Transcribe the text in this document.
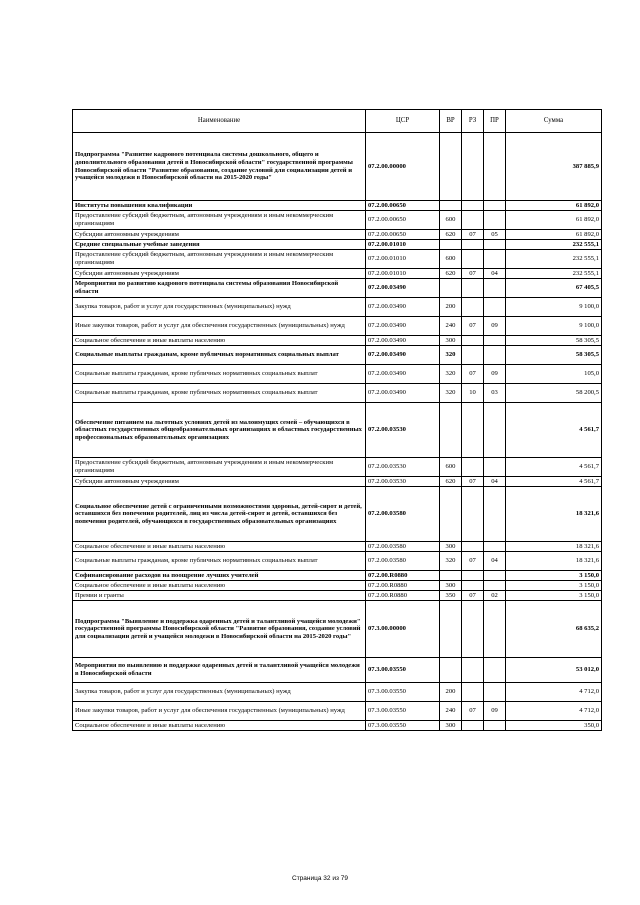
Наименование	ЦСР	ВР	РЗ	ПР	Сумма
Подпрограмма "Развитие кадрового потенциала системы дошкольного, общего и дополнительного образования детей в Новосибирской области" государственной программы Новосибирской области "Развитие образования, создание условий для социализации детей и учащейся молодежи в Новосибирской области на 2015-2020 годы"	07.2.00.00000				387 885,9
Институты повышения квалификации	07.2.00.00650				61 892,0
Предоставление субсидий бюджетным, автономным учреждениям и иным некоммерческим организациям	07.2.00.00650	600			61 892,0
Субсидии автономным учреждениям	07.2.00.00650	620	07	05	61 892,0
Средние специальные учебные заведения	07.2.00.01010				232 555,1
Предоставление субсидий бюджетным, автономным учреждениям и иным некоммерческим организациям	07.2.00.01010	600			232 555,1
Субсидии автономным учреждениям	07.2.00.01010	620	07	04	232 555,1
Мероприятия по развитию кадрового потенциала системы образования Новосибирской области	07.2.00.03490				67 405,5
Закупка товаров, работ и услуг для государственных (муниципальных) нужд	07.2.00.03490	200			9 100,0
Иные закупки товаров, работ и услуг для обеспечения государственных (муниципальных) нужд	07.2.00.03490	240	07	09	9 100,0
Социальное обеспечение и иные выплаты населению	07.2.00.03490	300			58 305,5
Социальные выплаты гражданам, кроме публичных нормативных социальных выплат	07.2.00.03490	320			58 305,5
Социальные выплаты гражданам, кроме публичных нормативных социальных выплат	07.2.00.03490	320	07	09	105,0
Социальные выплаты гражданам, кроме публичных нормативных социальных выплат	07.2.00.03490	320	10	03	58 200,5
Обеспечение питанием на льготных условиях детей из малоимущих семей – обучающихся в областных государственных общеобразовательных организациях и областных государственных профессиональных образовательных организациях	07.2.00.03530				4 561,7
Предоставление субсидий бюджетным, автономным учреждениям и иным некоммерческим организациям	07.2.00.03530	600			4 561,7
Субсидии автономным учреждениям	07.2.00.03530	620	07	04	4 561,7
Социальное обеспечение детей с ограниченными возможностями здоровья, детей-сирот и детей, оставшихся без попечения родителей, лиц из числа детей-сирот и детей, оставшихся без попечения родителей, обучающихся в государственных образовательных организациях	07.2.00.03580				18 321,6
Социальное обеспечение и иные выплаты населению	07.2.00.03580	300			18 321,6
Социальные выплаты гражданам, кроме публичных нормативных социальных выплат	07.2.00.03580	320	07	04	18 321,6
Софинансирование расходов на поощрение лучших учителей	07.2.00.R0880				3 150,0
Социальное обеспечение и иные выплаты населению	07.2.00.R0880	300			3 150,0
Премии и гранты	07.2.00.R0880	350	07	02	3 150,0
Подпрограмма "Выявление и поддержка одаренных детей и талантливой учащейся молодежи" государственной программы Новосибирской области "Развитие образования, создание условий для социализации детей и учащейся молодежи в Новосибирской области на 2015-2020 годы"	07.3.00.00000				68 635,2
Мероприятия по выявлению и поддержке одаренных детей и талантливой учащейся молодежи в Новосибирской области	07.3.00.03550				53 012,0
Закупка товаров, работ и услуг для государственных (муниципальных) нужд	07.3.00.03550	200			4 712,0
Иные закупки товаров, работ и услуг для обеспечения государственных (муниципальных) нужд	07.3.00.03550	240	07	09	4 712,0
Социальное обеспечение и иные выплаты населению	07.3.00.03550	300			350,0
Страница 32 из 79
